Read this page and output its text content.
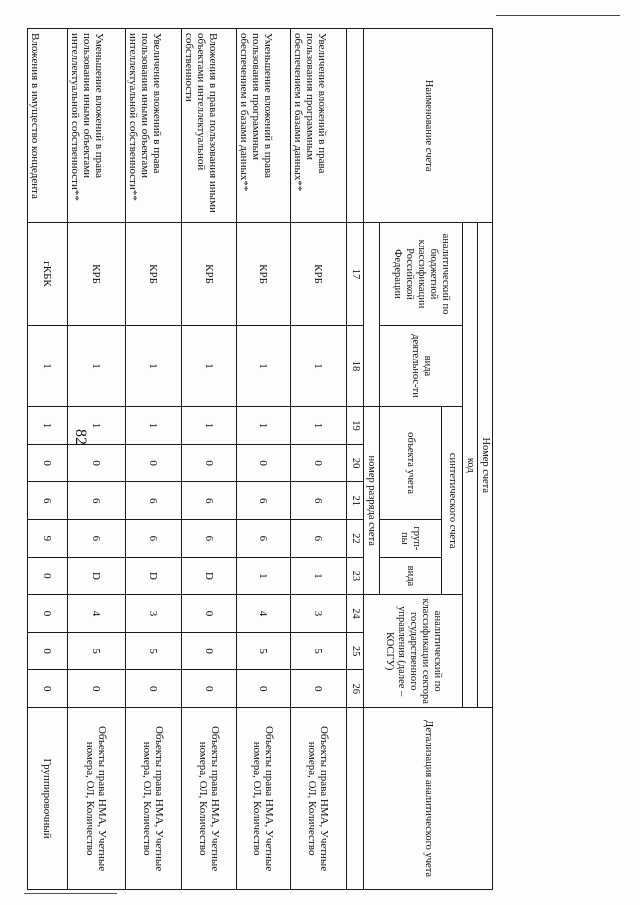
82
Наименование счета	Номер счета										Детализация аналитического учета
	код										
	аналитический по бюджетной классификации Российской Федерации	вида деятельнос-ти	синтетического счета					аналитический по классификации сектора государственного управления (далее – КОСГУ)			
			объекта учета			груп-пы	вида				
			номер разряда счета								
	17	18	19	20	21	22	23	24	25	26	
Увеличение вложений в права пользования программным обеспечением и базами данных**	КРБ	1	1	0	6	6	1	3	5	0	Объекты права НМА, Учетные номера, ОЛ, Количество
Уменьшение вложений в права пользования программным обеспечением и базами данных**	КРБ	1	1	0	6	6	1	4	5	0	Объекты права НМА, Учетные номера, ОЛ, Количество
Вложения в права пользования иными объектами интеллектуальной собственности	КРБ	1	1	0	6	6	D	0	0	0	Объекты права НМА, Учетные номера, ОЛ, Количество
Увеличение вложений в права пользования иными объектами интеллектуальной собственности**	КРБ	1	1	0	6	6	D	3	5	0	Объекты права НМА, Учетные номера, ОЛ, Количество
Уменьшение вложений в права пользования иными объектами интеллектуальной собственности**	КРБ	1	1	0	6	6	D	4	5	0	Объекты права НМА, Учетные номера, ОЛ, Количество
Вложения в имущество концедента	гКБК	1	1	0	6	9	0	0	0	0	Группировочный
